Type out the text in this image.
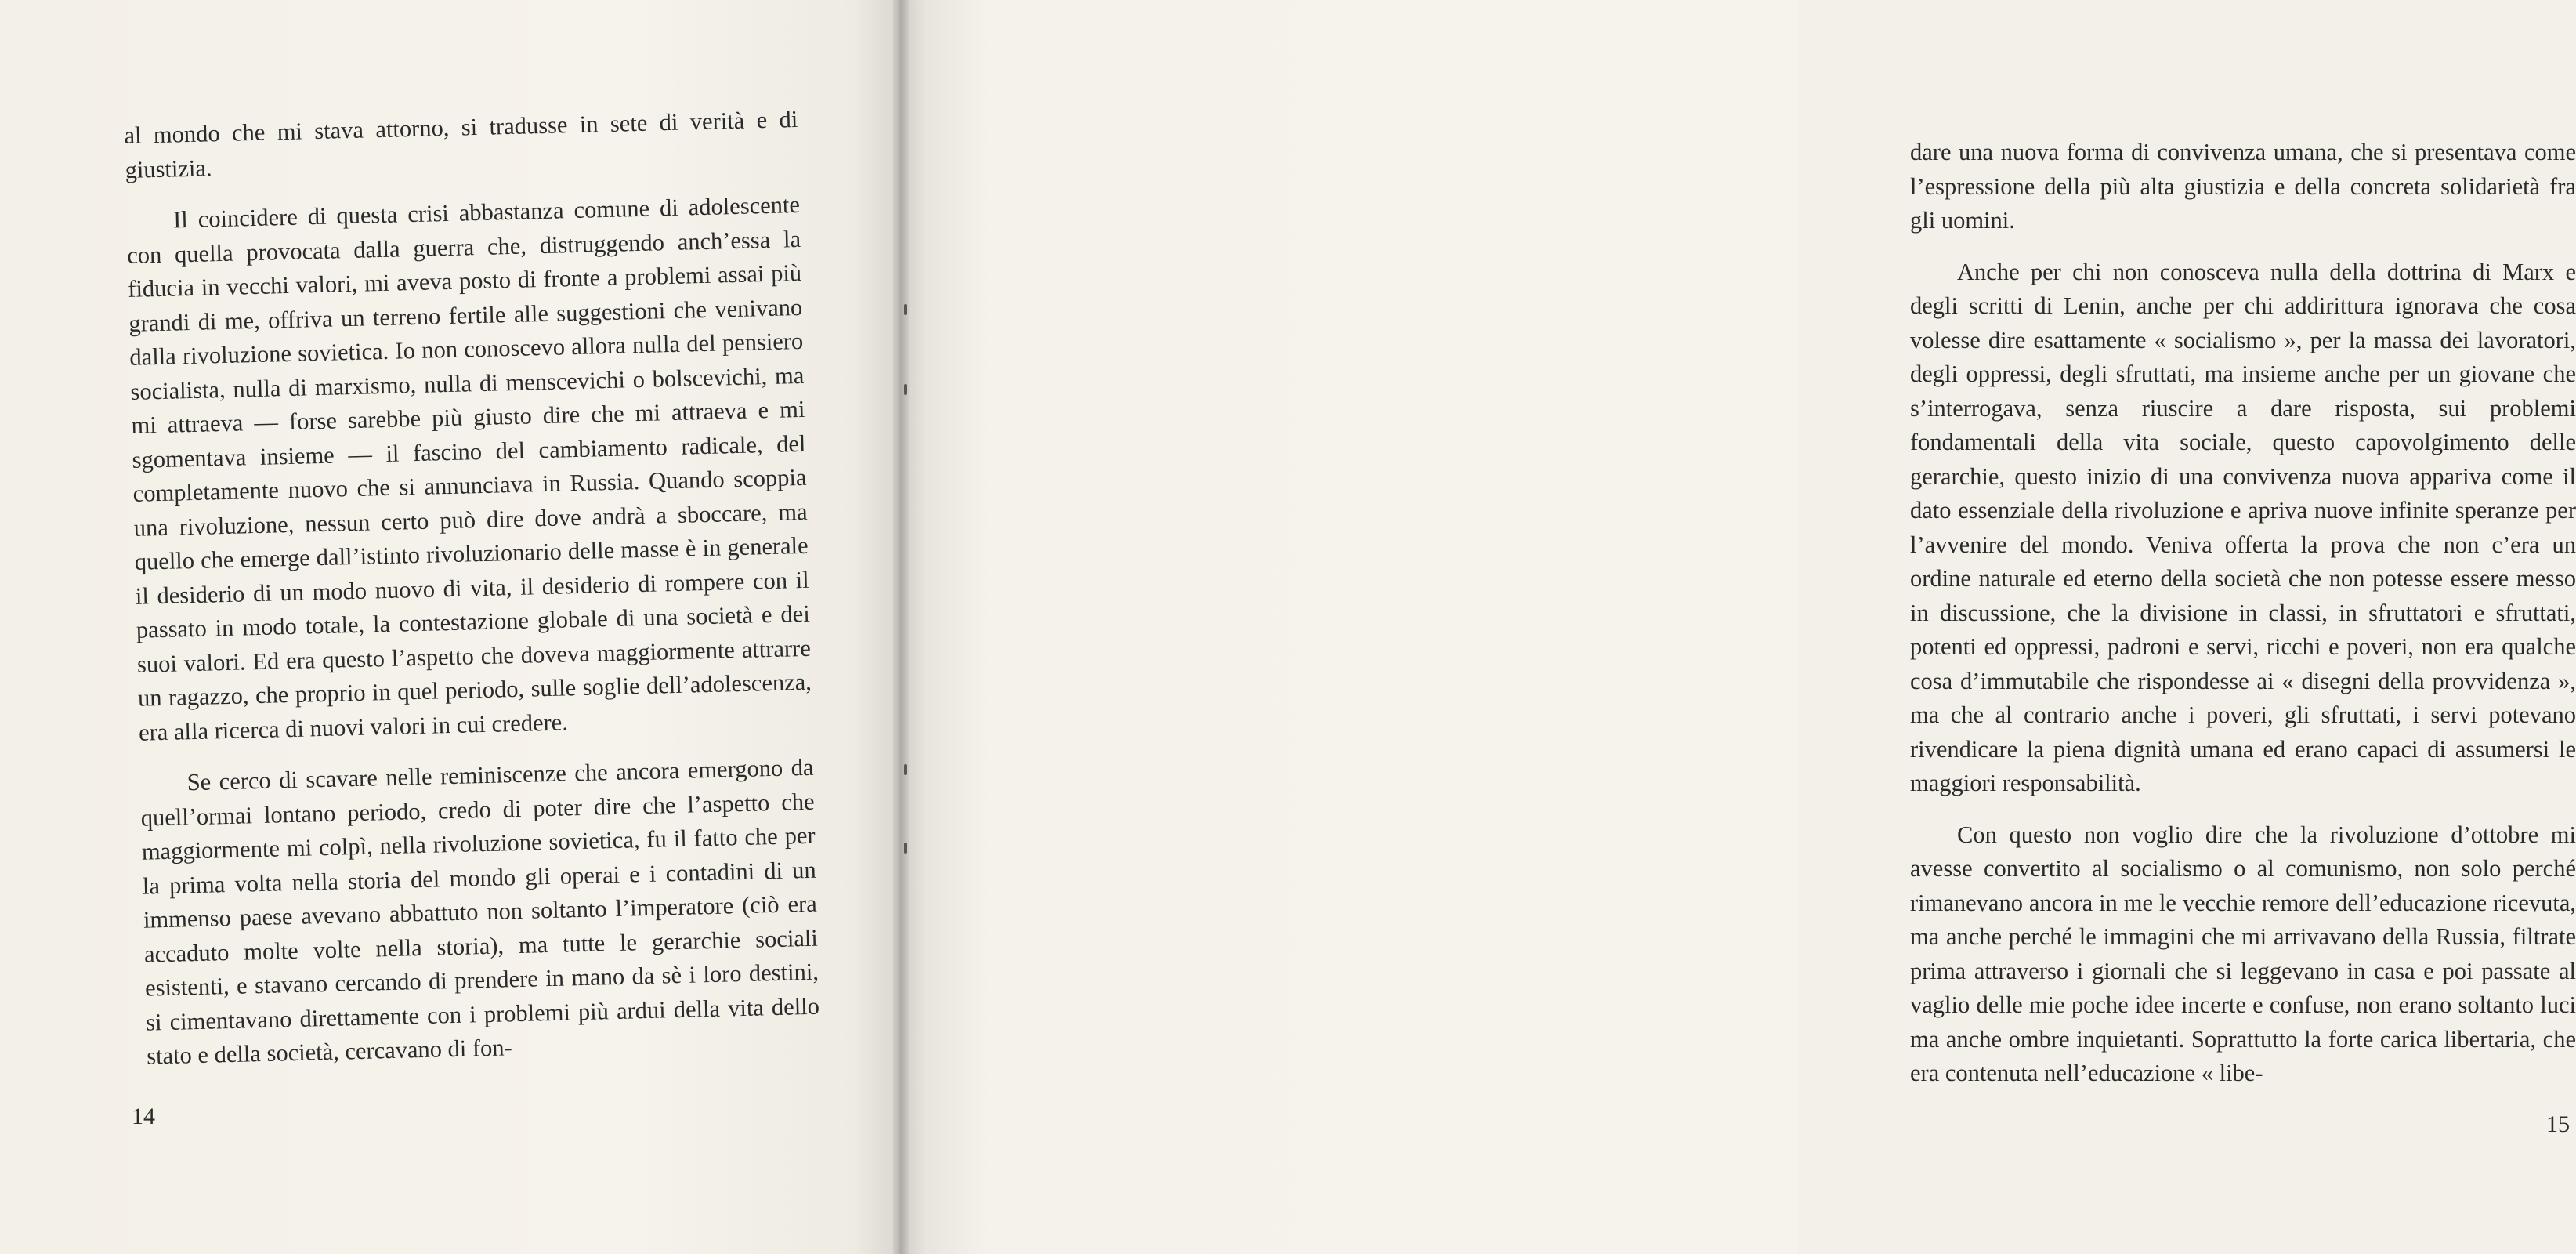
al mondo che mi stava attorno, si tradusse in sete di verità e di giustizia.

Il coincidere di questa crisi abbastanza comune di adolescente con quella provocata dalla guerra che, distruggendo anch’essa la fiducia in vecchi valori, mi aveva posto di fronte a problemi assai più grandi di me, offriva un terreno fertile alle suggestioni che venivano dalla rivoluzione sovietica. Io non conoscevo allora nulla del pensiero socialista, nulla di marxismo, nulla di menscevichi o bolscevichi, ma mi attraeva — forse sarebbe più giusto dire che mi attraeva e mi sgomentava insieme — il fascino del cambiamento radicale, del completamente nuovo che si annunciava in Russia. Quando scoppia una rivoluzione, nessun certo può dire dove andrà a sboccare, ma quello che emerge dall’istinto rivoluzionario delle masse è in generale il desiderio di un modo nuovo di vita, il desiderio di rompere con il passato in modo totale, la contestazione globale di una società e dei suoi valori. Ed era questo l’aspetto che doveva maggiormente attrarre un ragazzo, che proprio in quel periodo, sulle soglie dell’adolescenza, era alla ricerca di nuovi valori in cui credere.

Se cerco di scavare nelle reminiscenze che ancora emergono da quell’ormai lontano periodo, credo di poter dire che l’aspetto che maggiormente mi colpì, nella rivoluzione sovietica, fu il fatto che per la prima volta nella storia del mondo gli operai e i contadini di un immenso paese avevano abbattuto non soltanto l’imperatore (ciò era accaduto molte volte nella storia), ma tutte le gerarchie sociali esistenti, e stavano cercando di prendere in mano da sè i loro destini, si cimentavano direttamente con i problemi più ardui della vita dello stato e della società, cercavano di fon-

14

dare una nuova forma di convivenza umana, che si presentava come l’espressione della più alta giustizia e della concreta solidarietà fra gli uomini.

Anche per chi non conosceva nulla della dottrina di Marx e degli scritti di Lenin, anche per chi addirittura ignorava che cosa volesse dire esattamente « socialismo », per la massa dei lavoratori, degli oppressi, degli sfruttati, ma insieme anche per un giovane che s’interrogava, senza riuscire a dare risposta, sui problemi fondamentali della vita sociale, questo capovolgimento delle gerarchie, questo inizio di una convivenza nuova appariva come il dato essenziale della rivoluzione e apriva nuove infinite speranze per l’avvenire del mondo. Veniva offerta la prova che non c’era un ordine naturale ed eterno della società che non potesse essere messo in discussione, che la divisione in classi, in sfruttatori e sfruttati, potenti ed oppressi, padroni e servi, ricchi e poveri, non era qualche cosa d’immutabile che rispondesse ai « disegni della provvidenza », ma che al contrario anche i poveri, gli sfruttati, i servi potevano rivendicare la piena dignità umana ed erano capaci di assumersi le maggiori responsabilità.

Con questo non voglio dire che la rivoluzione d’ottobre mi avesse convertito al socialismo o al comunismo, non solo perché rimanevano ancora in me le vecchie remore dell’educazione ricevuta, ma anche perché le immagini che mi arrivavano della Russia, filtrate prima attraverso i giornali che si leggevano in casa e poi passate al vaglio delle mie poche idee incerte e confuse, non erano soltanto luci ma anche ombre inquietanti. Soprattutto la forte carica libertaria, che era contenuta nell’educazione « libe-

15
